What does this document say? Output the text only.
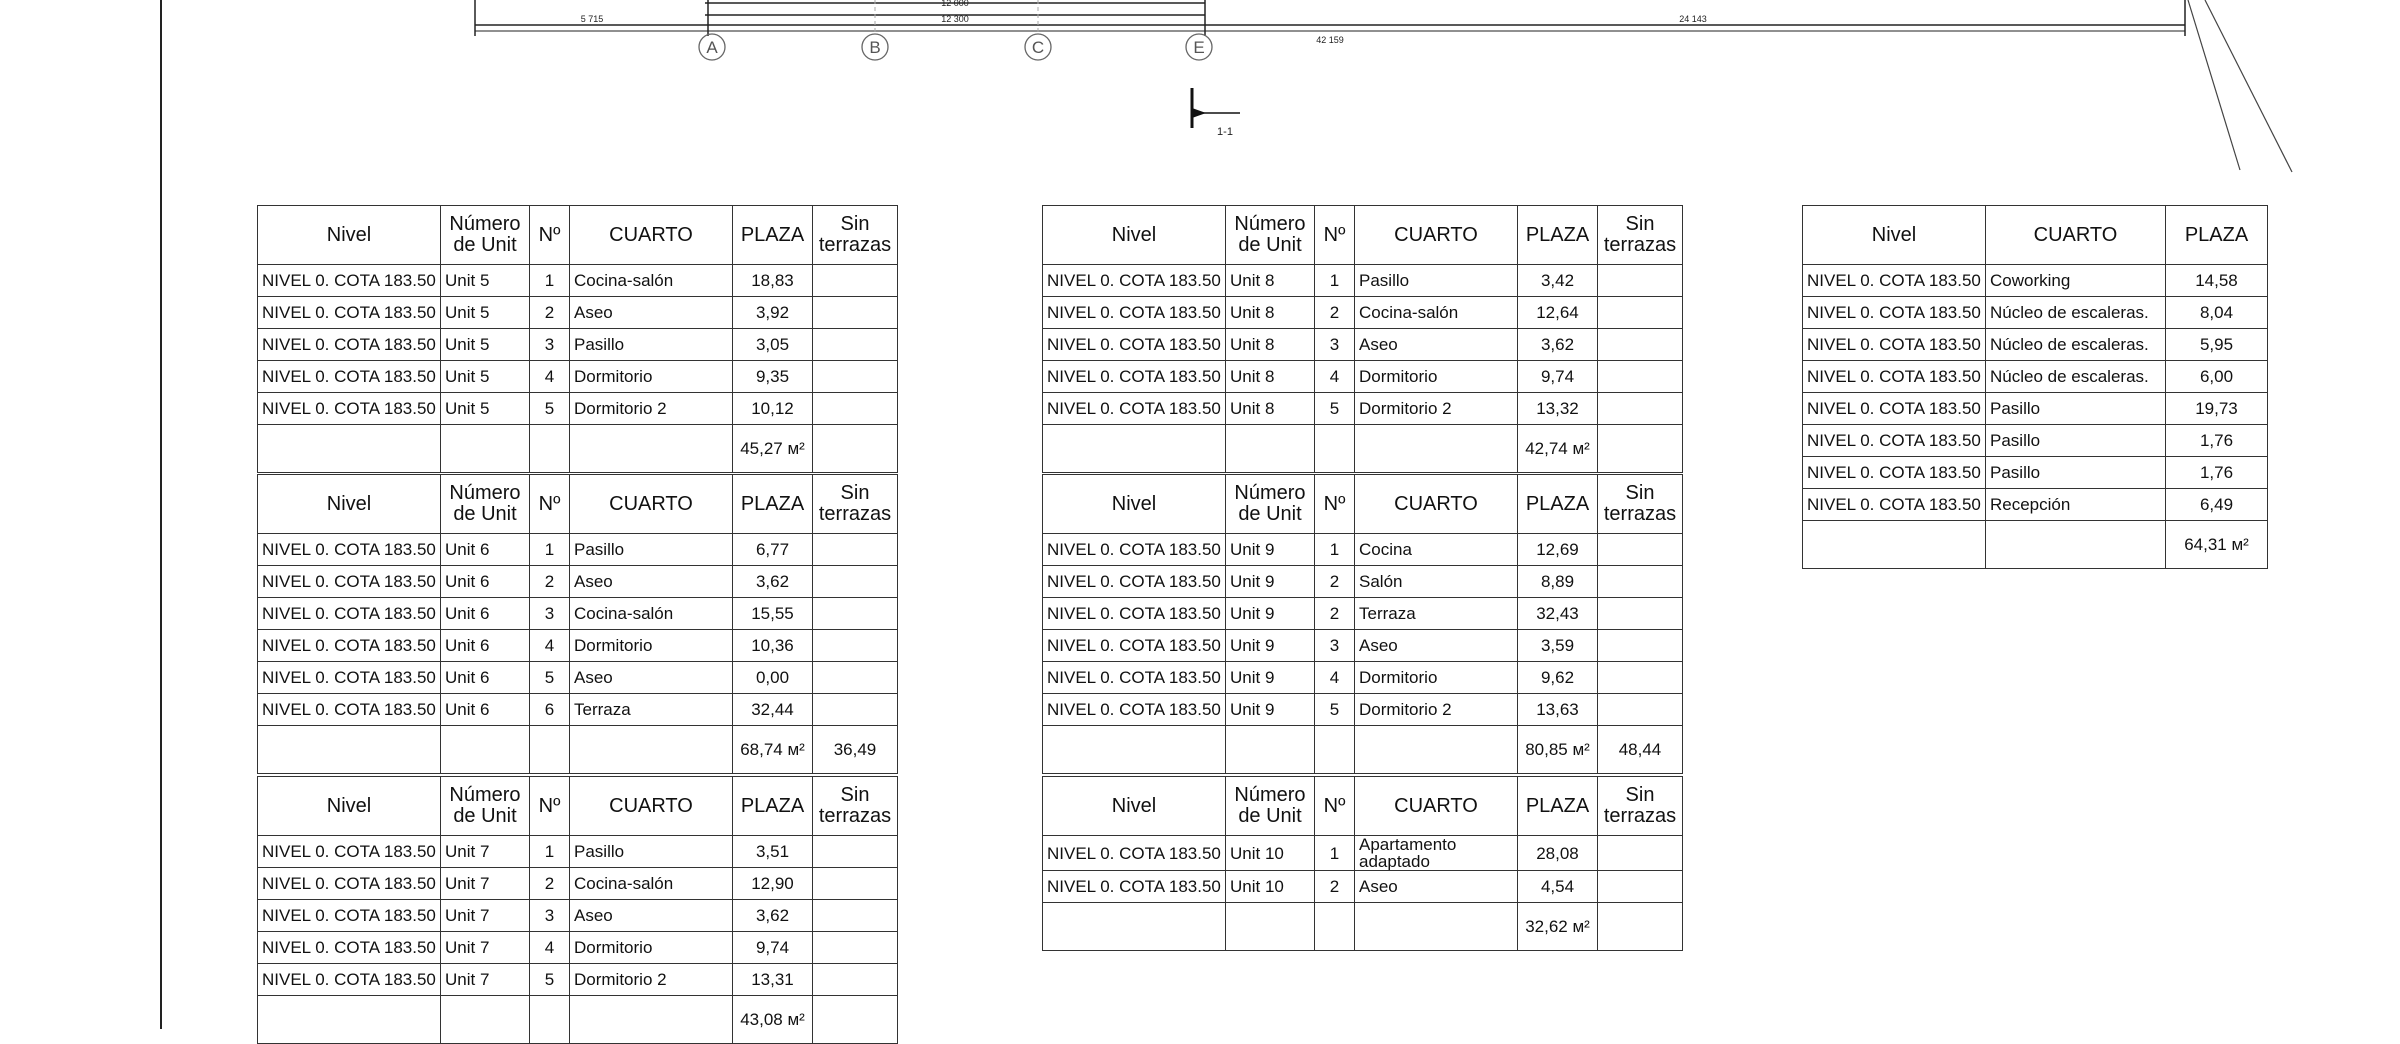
12 000
12 300
5 715	24 143
42 159
A	B	C	E
1-1
Nivel	Número de Unit	Nº	CUARTO	PLAZA	Sin terrazas
NIVEL 0. COTA 183.50	Unit 5	1	Cocina-salón	18,83	
NIVEL 0. COTA 183.50	Unit 5	2	Aseo	3,92	
NIVEL 0. COTA 183.50	Unit 5	3	Pasillo	3,05	
NIVEL 0. COTA 183.50	Unit 5	4	Dormitorio	9,35	
NIVEL 0. COTA 183.50	Unit 5	5	Dormitorio 2	10,12	
				45,27 м²	
Nivel	Número de Unit	Nº	CUARTO	PLAZA	Sin terrazas
NIVEL 0. COTA 183.50	Unit 6	1	Pasillo	6,77	
NIVEL 0. COTA 183.50	Unit 6	2	Aseo	3,62	
NIVEL 0. COTA 183.50	Unit 6	3	Cocina-salón	15,55	
NIVEL 0. COTA 183.50	Unit 6	4	Dormitorio	10,36	
NIVEL 0. COTA 183.50	Unit 6	5	Aseo	0,00	
NIVEL 0. COTA 183.50	Unit 6	6	Terraza	32,44	
				68,74 м²	36,49
Nivel	Número de Unit	Nº	CUARTO	PLAZA	Sin terrazas
NIVEL 0. COTA 183.50	Unit 7	1	Pasillo	3,51	
NIVEL 0. COTA 183.50	Unit 7	2	Cocina-salón	12,90	
NIVEL 0. COTA 183.50	Unit 7	3	Aseo	3,62	
NIVEL 0. COTA 183.50	Unit 7	4	Dormitorio	9,74	
NIVEL 0. COTA 183.50	Unit 7	5	Dormitorio 2	13,31	
				43,08 м²	
Nivel	Número de Unit	Nº	CUARTO	PLAZA	Sin terrazas
NIVEL 0. COTA 183.50	Unit 8	1	Pasillo	3,42	
NIVEL 0. COTA 183.50	Unit 8	2	Cocina-salón	12,64	
NIVEL 0. COTA 183.50	Unit 8	3	Aseo	3,62	
NIVEL 0. COTA 183.50	Unit 8	4	Dormitorio	9,74	
NIVEL 0. COTA 183.50	Unit 8	5	Dormitorio 2	13,32	
				42,74 м²	
Nivel	Número de Unit	Nº	CUARTO	PLAZA	Sin terrazas
NIVEL 0. COTA 183.50	Unit 9	1	Cocina	12,69	
NIVEL 0. COTA 183.50	Unit 9	2	Salón	8,89	
NIVEL 0. COTA 183.50	Unit 9	2	Terraza	32,43	
NIVEL 0. COTA 183.50	Unit 9	3	Aseo	3,59	
NIVEL 0. COTA 183.50	Unit 9	4	Dormitorio	9,62	
NIVEL 0. COTA 183.50	Unit 9	5	Dormitorio 2	13,63	
				80,85 м²	48,44
Nivel	Número de Unit	Nº	CUARTO	PLAZA	Sin terrazas
NIVEL 0. COTA 183.50	Unit 10	1	Apartamento adaptado	28,08	
NIVEL 0. COTA 183.50	Unit 10	2	Aseo	4,54	
				32,62 м²	
Nivel	CUARTO	PLAZA
NIVEL 0. COTA 183.50	Coworking	14,58
NIVEL 0. COTA 183.50	Núcleo de escaleras.	8,04
NIVEL 0. COTA 183.50	Núcleo de escaleras.	5,95
NIVEL 0. COTA 183.50	Núcleo de escaleras.	6,00
NIVEL 0. COTA 183.50	Pasillo	19,73
NIVEL 0. COTA 183.50	Pasillo	1,76
NIVEL 0. COTA 183.50	Pasillo	1,76
NIVEL 0. COTA 183.50	Recepción	6,49
		64,31 м²
